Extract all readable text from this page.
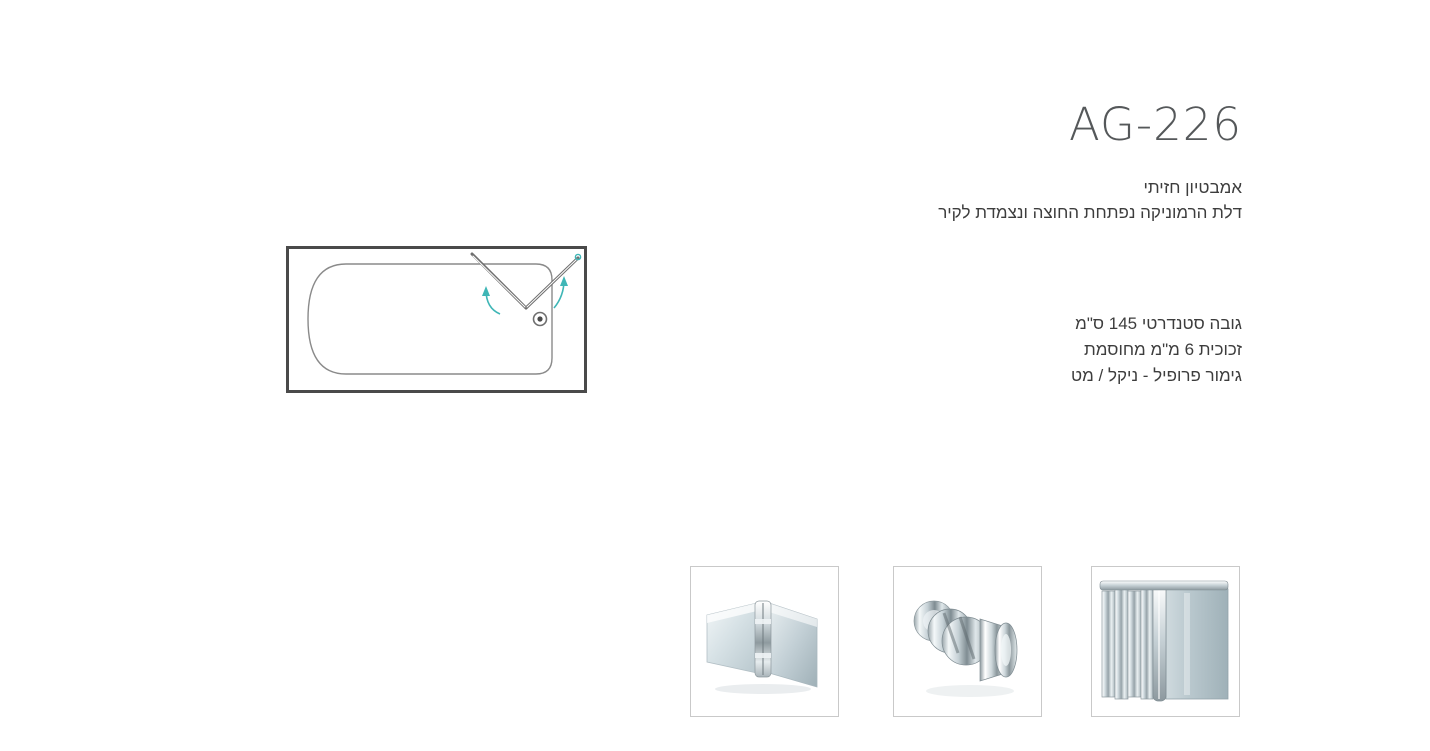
AG-226
אמבטיון חזיתי
דלת הרמוניקה נפתחת החוצה ונצמדת לקיר
גובה סטנדרטי 145 ס"מ
זכוכית 6 מ"מ מחוסמת
גימור פרופיל - ניקל / מט
